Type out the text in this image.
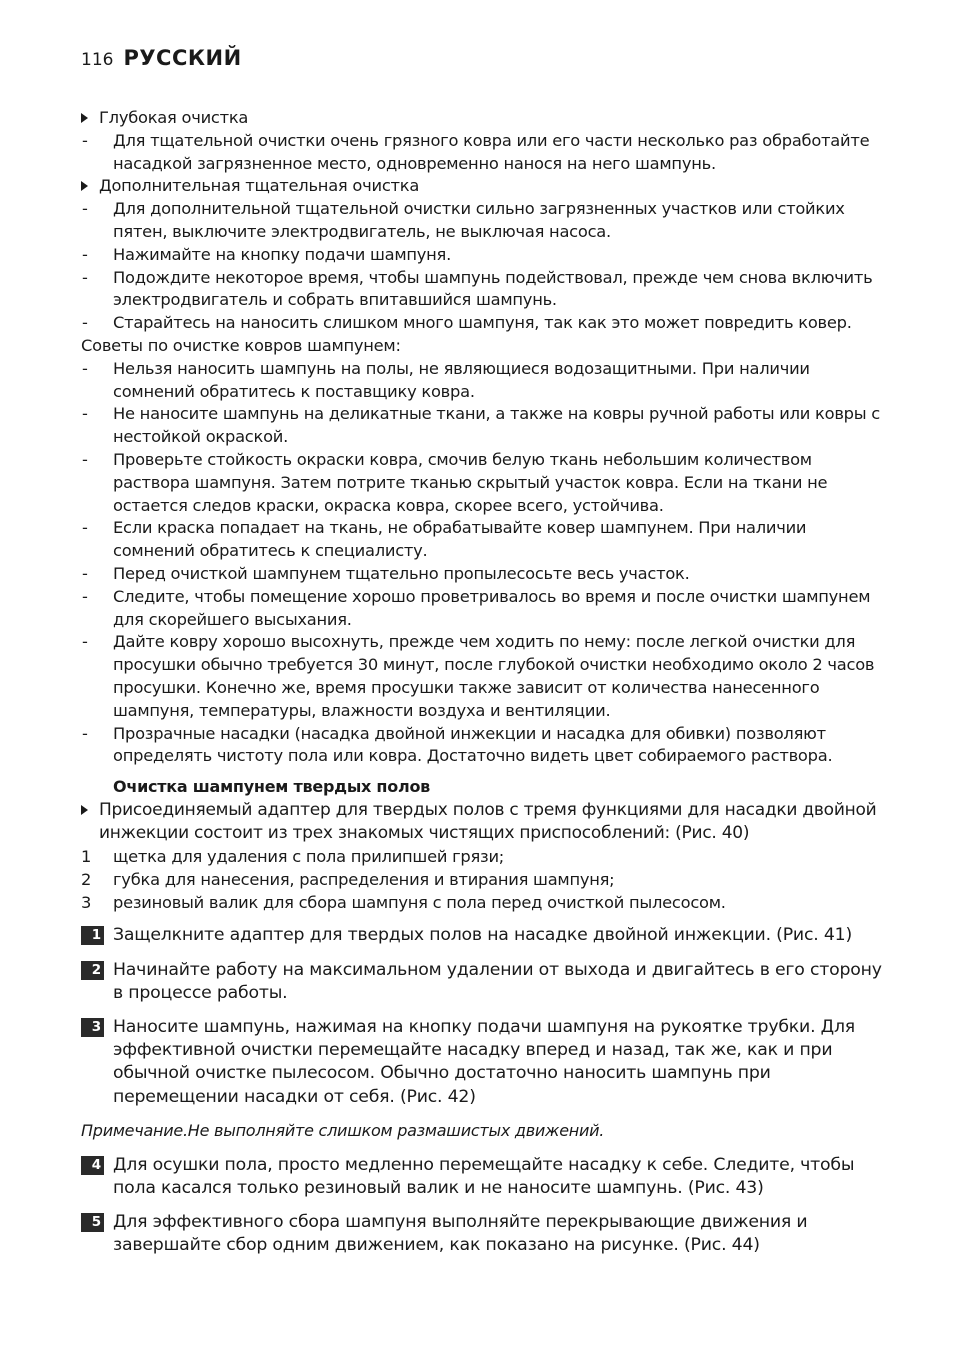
116 РУССКИЙ
Глубокая очистка
-	Для тщательной очистки очень грязного ковра или его части несколько раз обработайте насадкой загрязненное место, одновременно нанося на него шампунь.
Дополнительная тщательная очистка
-	Для дополнительной тщательной очистки сильно загрязненных участков или стойких пятен, выключите электродвигатель, не выключая насоса.
-	Нажимайте на кнопку подачи шампуня.
-	Подождите некоторое время, чтобы шампунь подействовал, прежде чем снова включить электродвигатель и собрать впитавшийся шампунь.
-	Старайтесь на наносить слишком много шампуня, так как это может повредить ковер.
Советы по очистке ковров шампунем:
-	Нельзя наносить шампунь на полы, не являющиеся водозащитными. При наличии сомнений обратитесь к поставщику ковра.
-	Не наносите шампунь на деликатные ткани, а также на ковры ручной работы или ковры с нестойкой окраской.
-	Проверьте стойкость окраски ковра, смочив белую ткань небольшим количеством раствора шампуня. Затем потрите тканью скрытый участок ковра. Если на ткани не остается следов краски, окраска ковра, скорее всего, устойчива.
-	Если краска попадает на ткань, не обрабатывайте ковер шампунем. При наличии сомнений обратитесь к специалисту.
-	Перед очисткой шампунем тщательно пропылесосьте весь участок.
-	Следите, чтобы помещение хорошо проветривалось во время и после очистки шампунем для скорейшего высыхания.
-	Дайте ковру хорошо высохнуть, прежде чем ходить по нему: после легкой очистки для просушки обычно требуется 30 минут, после глубокой очистки необходимо около 2 часов просушки. Конечно же, время просушки также зависит от количества нанесенного шампуня, температуры, влажности воздуха и вентиляции.
-	Прозрачные насадки (насадка двойной инжекции и насадка для обивки) позволяют определять чистоту пола или ковра. Достаточно видеть цвет собираемого раствора.
Очистка шампунем твердых полов
Присоединяемый адаптер для твердых полов с тремя функциями для насадки двойной инжекции состоит из трех знакомых чистящих приспособлений: (Рис. 40)
1	щетка для удаления с пола прилипшей грязи;
2	губка для нанесения, распределения и втирания шампуня;
3	резиновый валик для сбора шампуня с пола перед очисткой пылесосом.
1 Защелкните адаптер для твердых полов на насадке двойной инжекции. (Рис. 41)
2 Начинайте работу на максимальном удалении от выхода и двигайтесь в его сторону в процессе работы.
3 Наносите шампунь, нажимая на кнопку подачи шампуня на рукоятке трубки. Для эффективной очистки перемещайте насадку вперед и назад, так же, как и при обычной очистке пылесосом. Обычно достаточно наносить шампунь при перемещении насадки от себя. (Рис. 42)
Примечание.Не выполняйте слишком размашистых движений.
4 Для осушки пола, просто медленно перемещайте насадку к себе. Следите, чтобы пола касался только резиновый валик и не наносите шампунь. (Рис. 43)
5 Для эффективного сбора шампуня выполняйте перекрывающие движения и завершайте сбор одним движением, как показано на рисунке. (Рис. 44)
